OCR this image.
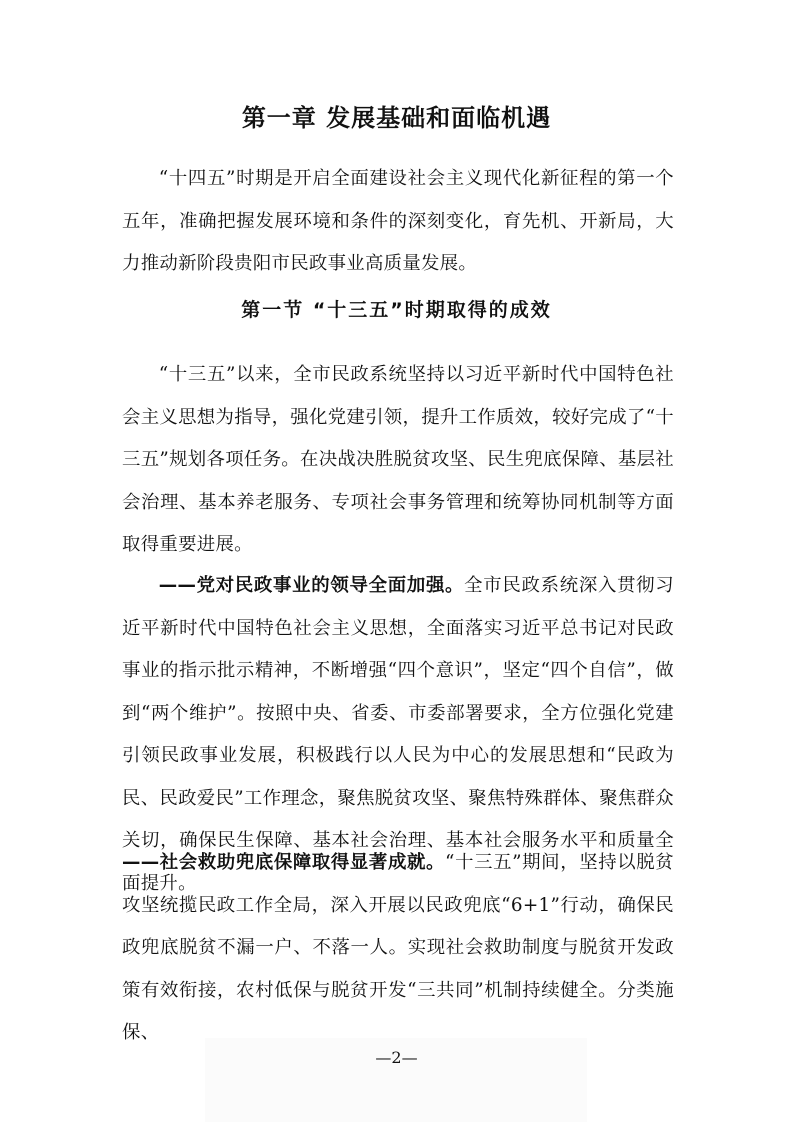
第一章 发展基础和面临机遇

“十四五”时期是开启全面建设社会主义现代化新征程的第一个五年，准确把握发展环境和条件的深刻变化，育先机、开新局，大力推动新阶段贵阳市民政事业高质量发展。

第一节 “十三五”时期取得的成效

“十三五”以来，全市民政系统坚持以习近平新时代中国特色社会主义思想为指导，强化党建引领，提升工作质效，较好完成了“十三五”规划各项任务。在决战决胜脱贫攻坚、民生兜底保障、基层社会治理、基本养老服务、专项社会事务管理和统筹协同机制等方面取得重要进展。

——党对民政事业的领导全面加强。全市民政系统深入贯彻习近平新时代中国特色社会主义思想，全面落实习近平总书记对民政事业的指示批示精神，不断增强“四个意识”，坚定“四个自信”，做到“两个维护”。按照中央、省委、市委部署要求，全方位强化党建引领民政事业发展，积极践行以人民为中心的发展思想和“民政为民、民政爱民”工作理念，聚焦脱贫攻坚、聚焦特殊群体、聚焦群众关切，确保民生保障、基本社会治理、基本社会服务水平和质量全面提升。

——社会救助兜底保障取得显著成就。“十三五”期间，坚持以脱贫攻坚统揽民政工作全局，深入开展以民政兜底“6+1”行动，确保民政兜底脱贫不漏一户、不落一人。实现社会救助制度与脱贫开发政策有效衔接，农村低保与脱贫开发“三共同”机制持续健全。分类施保、

—2—
